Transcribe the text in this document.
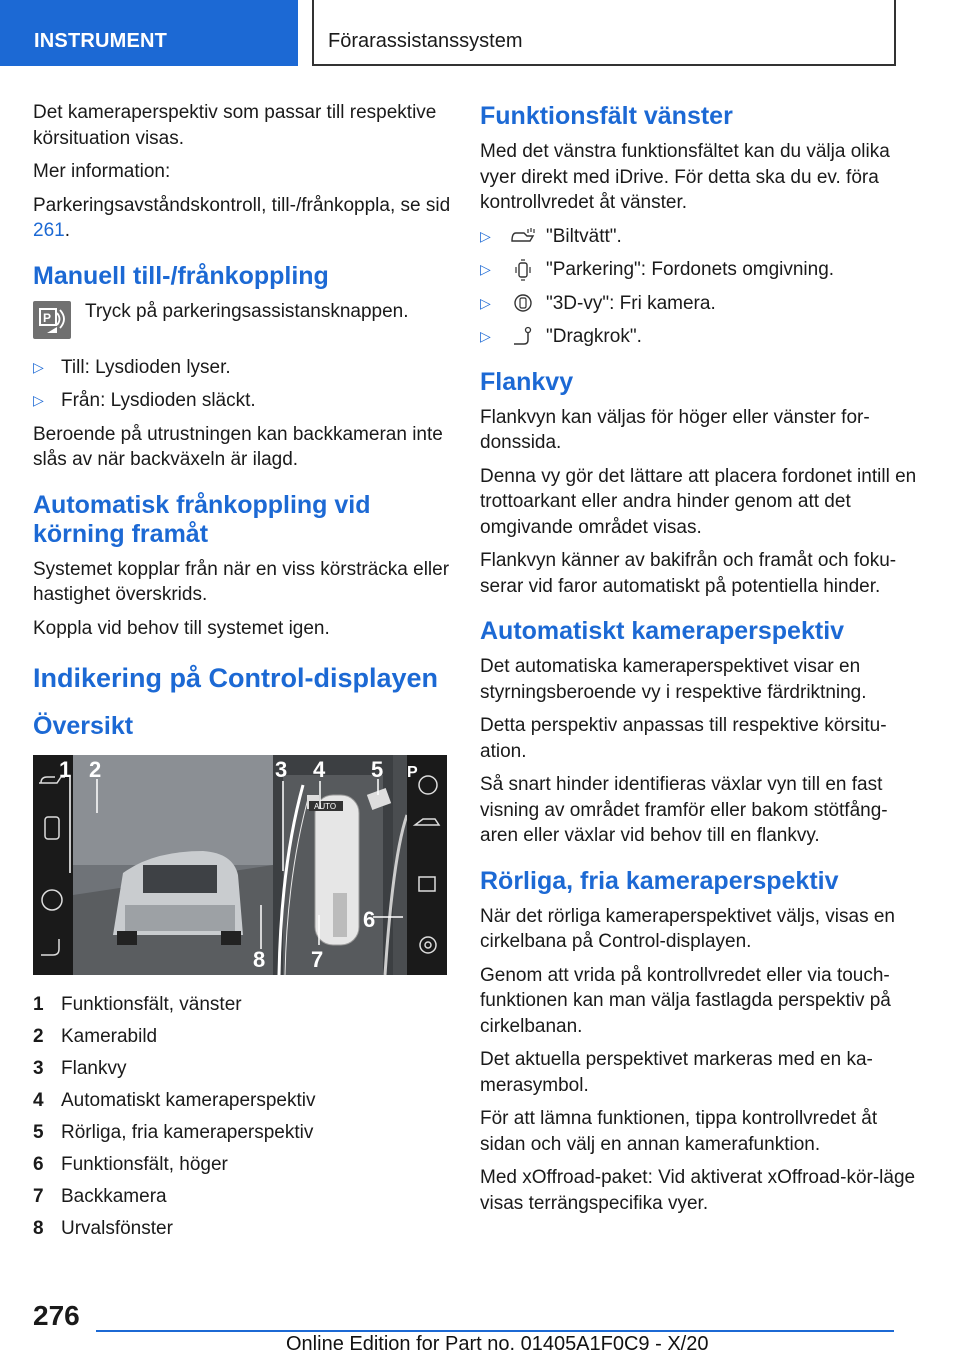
INSTRUMENT	Förarassistanssystem

Det kameraperspektiv som passar till respektive körsituation visas.

Mer information:

Parkeringsavståndskontroll, till-/frånkoppla, se sid 261.

Manuell till-/frånkoppling
P Tryck på parkeringsassistansknappen.

▷ Till: Lysdioden lyser.
▷ Från: Lysdioden släckt.

Beroende på utrustningen kan backkameran inte slås av när backväxeln är ilagd.

Automatisk frånkoppling vid körning framåt

Systemet kopplar från när en viss körsträcka eller hastighet överskrids.

Koppla vid behov till systemet igen.

Indikering på Control-displayen
Översikt
P
AUTO
1 2	3 4 5
6
7
8
1 Funktionsfält, vänster
2 Kamerabild
3 Flankvy
4 Automatiskt kameraperspektiv
5 Rörliga, fria kameraperspektiv
6 Funktionsfält, höger
7 Backkamera
8 Urvalsfönster
Funktionsfält vänster

Med det vänstra funktionsfältet kan du välja olika vyer direkt med iDrive. För detta ska du ev. föra kontrollvredet åt vänster.

▷	"Biltvätt".
▷	"Parkering": Fordonets omgivning.
▷	"3D-vy": Fri kamera.
▷	"Dragkrok".
Flankvy

Flankvyn kan väljas för höger eller vänster for-donssida.

Denna vy gör det lättare att placera fordonet intill en trottoarkant eller andra hinder genom att det omgivande området visas.

Flankvyn känner av bakifrån och framåt och foku-serar vid faror automatiskt på potentiella hinder.

Automatiskt kameraperspektiv

Det automatiska kameraperspektivet visar en styrningsberoende vy i respektive färdriktning.

Detta perspektiv anpassas till respektive körsitu-ation.

Så snart hinder identifieras växlar vyn till en fast visning av området framför eller bakom stötfång-aren eller växlar vid behov till en flankvy.

Rörliga, fria kameraperspektiv

När det rörliga kameraperspektivet väljs, visas en cirkelbana på Control-displayen.

Genom att vrida på kontrollvredet eller via touch-funktionen kan man välja fastlagda perspektiv på cirkelbanan.

Det aktuella perspektivet markeras med en ka-merasymbol.

För att lämna funktionen, tippa kontrollvredet åt sidan och välj en annan kamerafunktion.

Med xOffroad-paket: Vid aktiverat xOffroad-kör-läge visas terrängspecifika vyer.

276
Online Edition for Part no. 01405A1F0C9 - X/20
